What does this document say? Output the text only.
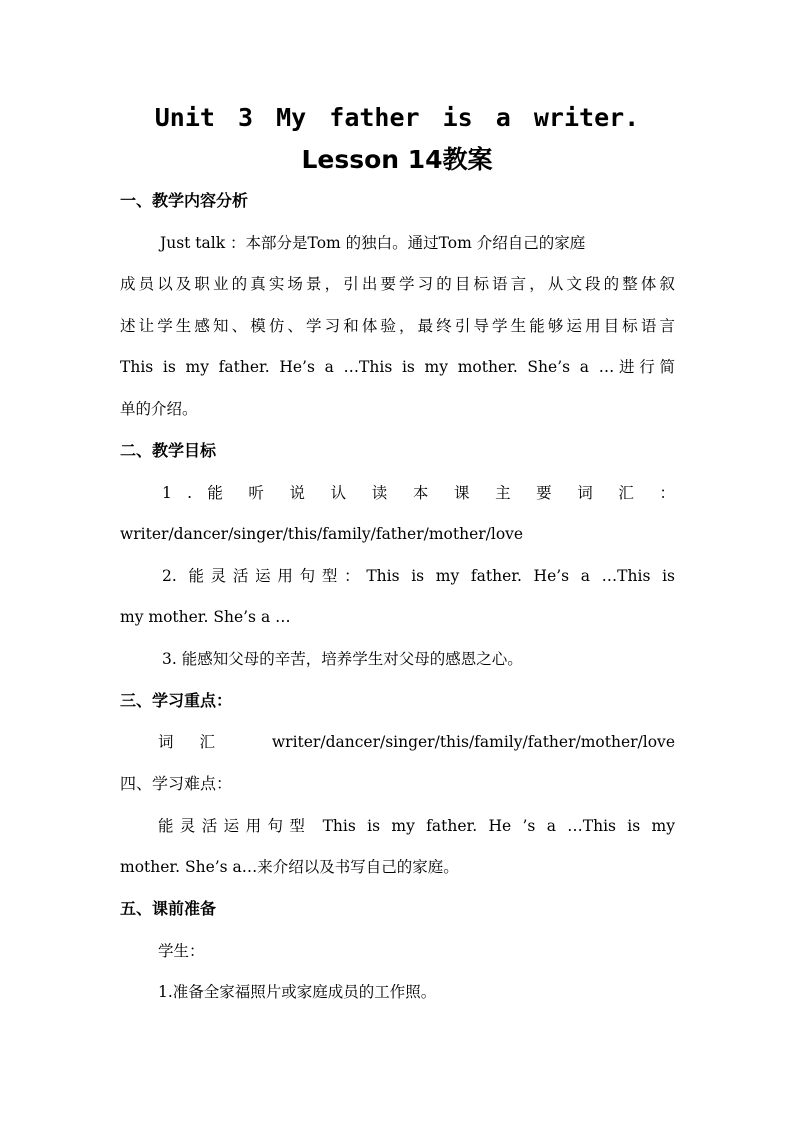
Unit 3 My father is a writer.
Lesson 14教案
一、教学内容分析
Just talk ：本部分是Tom 的独白。通过Tom 介绍自己的家庭
成员以及职业的真实场景，引出要学习的目标语言，从文段的整体叙
述让学生感知、模仿、学习和体验，最终引导学生能够运用目标语言
This is my father. He’s a …This is my mother. She’s a …进行简
单的介绍。
二、教学目标
1 . 能 听 说 认 读 本 课 主 要 词 汇 ：
writer/dancer/singer/this/family/father/mother/love
2. 能灵活运用句型：This is my father. He’s a …This is
my mother. She’s a …
3. 能感知父母的辛苦，培养学生对父母的感恩之心。
三、学习重点：
词汇 writer/dancer/singer/this/family/father/mother/love
四、学习难点：
能灵活运用句型 This is my father. He ’s a …This is my
mother. She’s a…来介绍以及书写自己的家庭。
五、课前准备
学生：
1.准备全家福照片或家庭成员的工作照。
